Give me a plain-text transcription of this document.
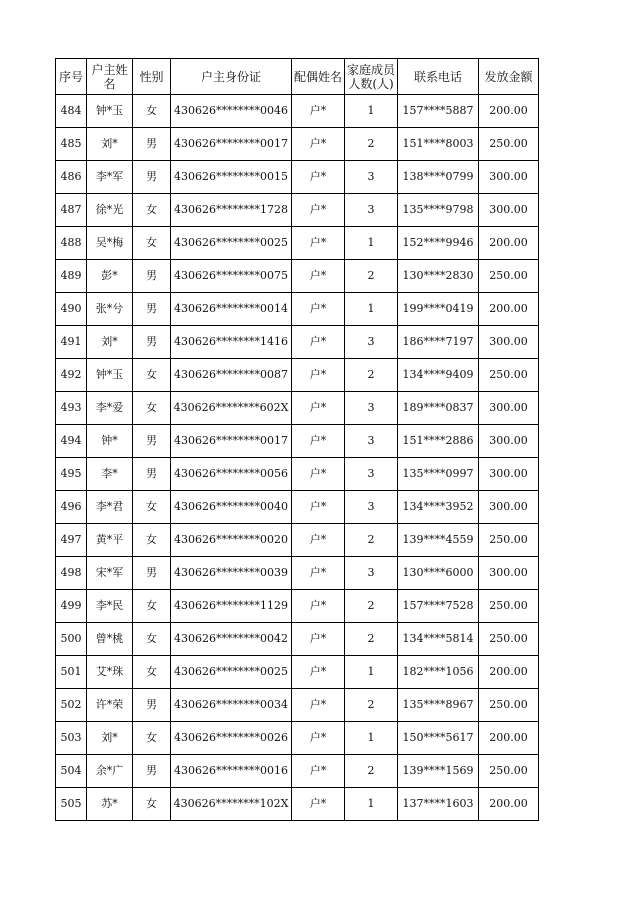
序号	户主姓名	性别	户主身份证	配偶姓名	家庭成员人数(人)	联系电话	发放金额
484	钟*玉	女	430626********0046	户*	1	157****5887	200.00
485	刘*	男	430626********0017	户*	2	151****8003	250.00
486	李*军	男	430626********0015	户*	3	138****0799	300.00
487	徐*光	女	430626********1728	户*	3	135****9798	300.00
488	吴*梅	女	430626********0025	户*	1	152****9946	200.00
489	彭*	男	430626********0075	户*	2	130****2830	250.00
490	张*兮	男	430626********0014	户*	1	199****0419	200.00
491	刘*	男	430626********1416	户*	3	186****7197	300.00
492	钟*玉	女	430626********0087	户*	2	134****9409	250.00
493	李*爱	女	430626********602X	户*	3	189****0837	300.00
494	钟*	男	430626********0017	户*	3	151****2886	300.00
495	李*	男	430626********0056	户*	3	135****0997	300.00
496	李*君	女	430626********0040	户*	3	134****3952	300.00
497	黄*平	女	430626********0020	户*	2	139****4559	250.00
498	宋*军	男	430626********0039	户*	3	130****6000	300.00
499	李*民	女	430626********1129	户*	2	157****7528	250.00
500	曾*桃	女	430626********0042	户*	2	134****5814	250.00
501	艾*珠	女	430626********0025	户*	1	182****1056	200.00
502	许*荣	男	430626********0034	户*	2	135****8967	250.00
503	刘*	女	430626********0026	户*	1	150****5617	200.00
504	余*广	男	430626********0016	户*	2	139****1569	250.00
505	苏*	女	430626********102X	户*	1	137****1603	200.00
